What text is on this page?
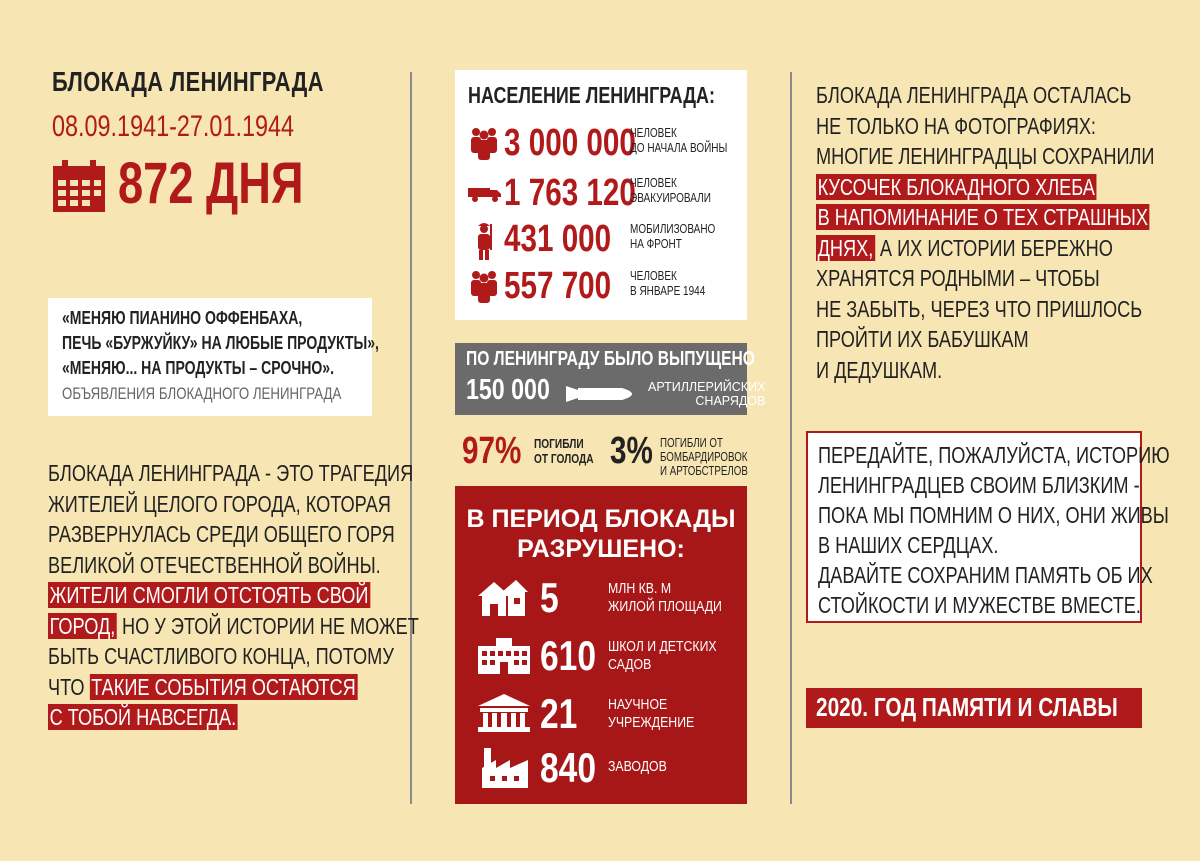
БЛОКАДА ЛЕНИНГРАДА
08.09.1941-27.01.1944
872 ДНЯ
«МЕНЯЮ ПИАНИНО ОФФЕНБАХА,
ПЕЧЬ «БУРЖУЙКУ» НА ЛЮБЫЕ ПРОДУКТЫ»,
«МЕНЯЮ... НА ПРОДУКТЫ – СРОЧНО».
ОБЪЯВЛЕНИЯ БЛОКАДНОГО ЛЕНИНГРАДА
БЛОКАДА ЛЕНИНГРАДА - ЭТО ТРАГЕДИЯ
ЖИТЕЛЕЙ ЦЕЛОГО ГОРОДА, КОТОРАЯ
РАЗВЕРНУЛАСЬ СРЕДИ ОБЩЕГО ГОРЯ
ВЕЛИКОЙ ОТЕЧЕСТВЕННОЙ ВОЙНЫ.
ЖИТЕЛИ СМОГЛИ ОТСТОЯТЬ СВОЙ
ГОРОД, НО У ЭТОЙ ИСТОРИИ НЕ МОЖЕТ
БЫТЬ СЧАСТЛИВОГО КОНЦА, ПОТОМУ
ЧТО ТАКИЕ СОБЫТИЯ ОСТАЮТСЯ
С ТОБОЙ НАВСЕГДА.
НАСЕЛЕНИЕ ЛЕНИНГРАДА:
3 000 000
ЧЕЛОВЕК
ДО НАЧАЛА ВОЙНЫ
1 763 120
ЧЕЛОВЕК
ЭВАКУИРОВАЛИ
431 000 МОБИЛИЗОВАНО
НА ФРОНТ
557 700 ЧЕЛОВЕК
В ЯНВАРЕ 1944
ПО ЛЕНИНГРАДУ БЫЛО ВЫПУЩЕНО
150 000	АРТИЛЛЕРИЙСКИХ
СНАРЯДОВ
97% ПОГИБЛИ
ОТ ГОЛОДА 3% ПОГИБЛИ ОТ
БОМБАРДИРОВОК
И АРТОБСТРЕЛОВ
В ПЕРИОД БЛОКАДЫ
РАЗРУШЕНО:
5	МЛН КВ. М
ЖИЛОЙ ПЛОЩАДИ
610 ШКОЛ И ДЕТСКИХ
САДОВ
21 НАУЧНОЕ
УЧРЕЖДЕНИЕ
840 ЗАВОДОВ
БЛОКАДА ЛЕНИНГРАДА ОСТАЛАСЬ
НЕ ТОЛЬКО НА ФОТОГРАФИЯХ:
МНОГИЕ ЛЕНИНГРАДЦЫ СОХРАНИЛИ
КУСОЧЕК БЛОКАДНОГО ХЛЕБА
В НАПОМИНАНИЕ О ТЕХ СТРАШНЫХ
ДНЯХ, А ИХ ИСТОРИИ БЕРЕЖНО
ХРАНЯТСЯ РОДНЫМИ – ЧТОБЫ
НЕ ЗАБЫТЬ, ЧЕРЕЗ ЧТО ПРИШЛОСЬ
ПРОЙТИ ИХ БАБУШКАМ
И ДЕДУШКАМ.
ПЕРЕДАЙТЕ, ПОЖАЛУЙСТА, ИСТОРИЮ
ЛЕНИНГРАДЦЕВ СВОИМ БЛИЗКИМ -
ПОКА МЫ ПОМНИМ О НИХ, ОНИ ЖИВЫ
В НАШИХ СЕРДЦАХ.
ДАВАЙТЕ СОХРАНИМ ПАМЯТЬ ОБ ИХ
СТОЙКОСТИ И МУЖЕСТВЕ ВМЕСТЕ.
2020. ГОД ПАМЯТИ И СЛАВЫ
